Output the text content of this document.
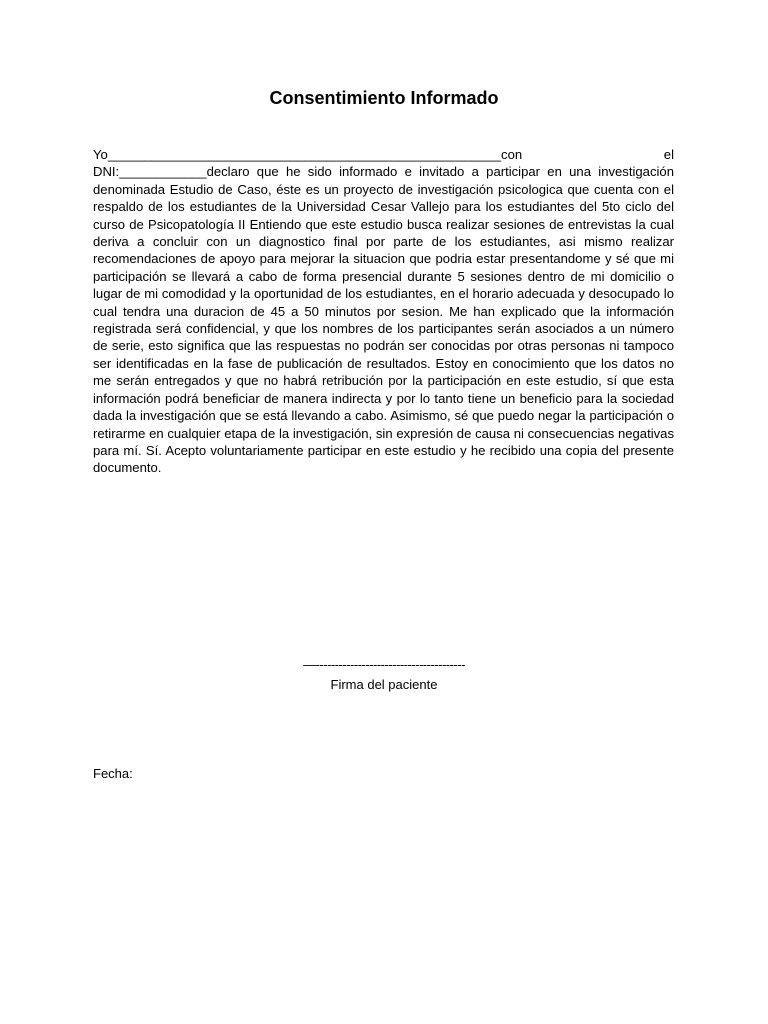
Consentimiento Informado
Yo______________________________________________________con	el
DNI:____________declaro que he sido informado e invitado a participar en una investigación denominada Estudio de Caso, éste es un proyecto de investigación psicologica que cuenta con el respaldo de los estudiantes de la Universidad Cesar Vallejo para los estudiantes del 5to ciclo del curso de Psicopatología II Entiendo que este estudio busca realizar sesiones de entrevistas la cual deriva a concluir con un diagnostico final por parte de los estudiantes, asi mismo realizar recomendaciones de apoyo para mejorar la situacion que podria estar presentandome y sé que mi participación se llevará a cabo de forma presencial durante 5 sesiones dentro de mi domicilio o lugar de mi comodidad y la oportunidad de los estudiantes, en el horario adecuada y desocupado lo cual tendra una duracion de 45 a 50 minutos por sesion. Me han explicado que la información registrada será confidencial, y que los nombres de los participantes serán asociados a un número de serie, esto significa que las respuestas no podrán ser conocidas por otras personas ni tampoco ser identificadas en la fase de publicación de resultados. Estoy en conocimiento que los datos no me serán entregados y que no habrá retribución por la participación en este estudio, sí que esta información podrá beneficiar de manera indirecta y por lo tanto tiene un beneficio para la sociedad dada la investigación que se está llevando a cabo. Asimismo, sé que puedo negar la participación o retirarme en cualquier etapa de la investigación, sin expresión de causa ni consecuencias negativas para mí. Sí. Acepto voluntariamente participar en este estudio y he recibido una copia del presente documento.
—---------------------------------------
Firma del paciente
Fecha:
